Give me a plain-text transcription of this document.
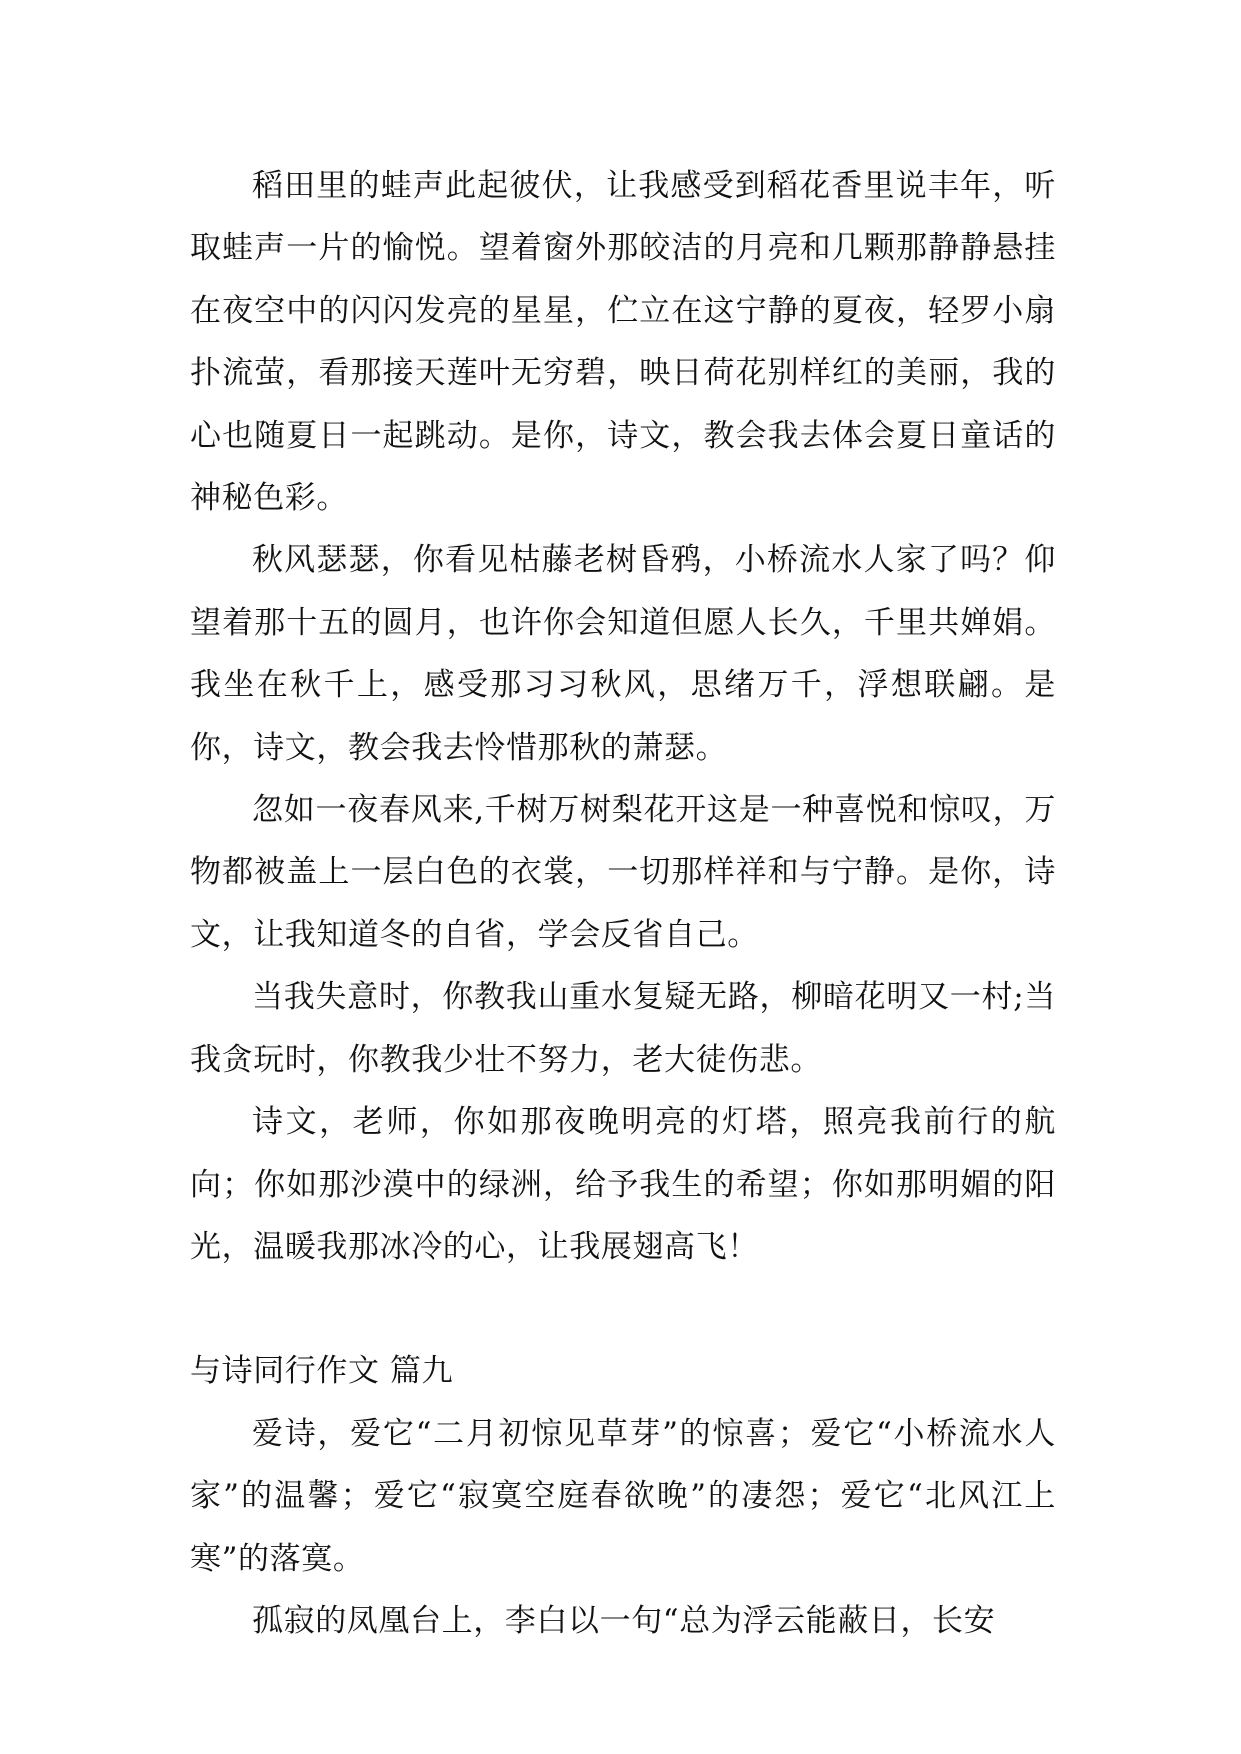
稻田里的蛙声此起彼伏，让我感受到稻花香里说丰年，听取蛙声一片的愉悦。望着窗外那皎洁的月亮和几颗那静静悬挂在夜空中的闪闪发亮的星星，伫立在这宁静的夏夜，轻罗小扇扑流萤，看那接天莲叶无穷碧，映日荷花别样红的美丽，我的心也随夏日一起跳动。是你，诗文，教会我去体会夏日童话的神秘色彩。

秋风瑟瑟，你看见枯藤老树昏鸦，小桥流水人家了吗？仰望着那十五的圆月，也许你会知道但愿人长久，千里共婵娟。我坐在秋千上，感受那习习秋风，思绪万千，浮想联翩。是你，诗文，教会我去怜惜那秋的萧瑟。

忽如一夜春风来,千树万树梨花开这是一种喜悦和惊叹，万物都被盖上一层白色的衣裳，一切那样祥和与宁静。是你，诗文，让我知道冬的自省，学会反省自己。

当我失意时，你教我山重水复疑无路，柳暗花明又一村;当我贪玩时，你教我少壮不努力，老大徒伤悲。

诗文，老师，你如那夜晚明亮的灯塔，照亮我前行的航向；你如那沙漠中的绿洲，给予我生的希望；你如那明媚的阳光，温暖我那冰冷的心，让我展翅高飞！

与诗同行作文 篇九

爱诗，爱它“二月初惊见草芽”的惊喜；爱它“小桥流水人家”的温馨；爱它“寂寞空庭春欲晚”的凄怨；爱它“北风江上寒”的落寞。

孤寂的凤凰台上，李白以一句“总为浮云能蔽日，长安
